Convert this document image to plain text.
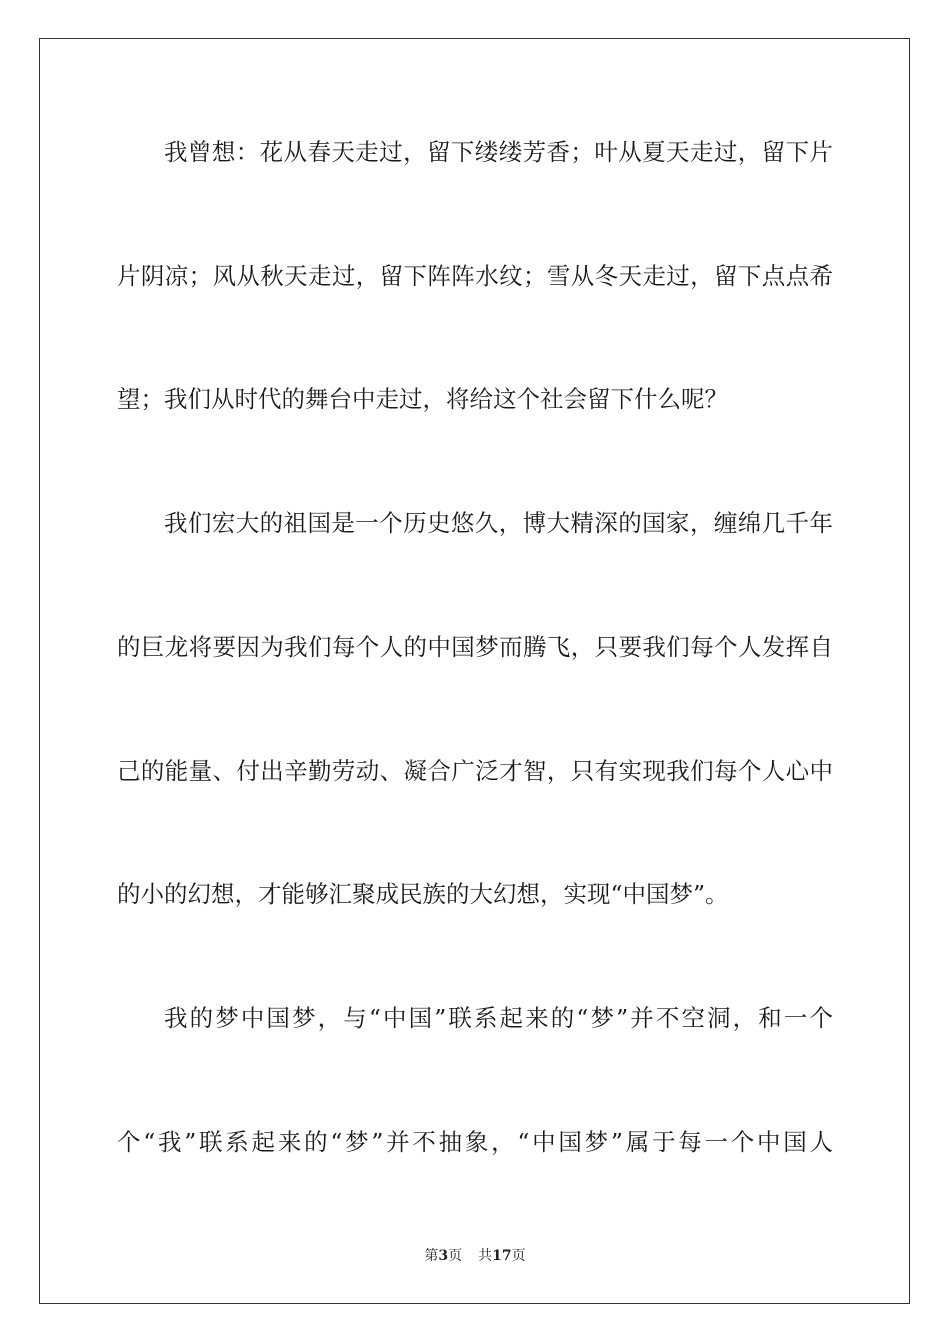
我曾想：花从春天走过，留下缕缕芳香；叶从夏天走过，留下片
片阴凉；风从秋天走过，留下阵阵水纹；雪从冬天走过，留下点点希
望；我们从时代的舞台中走过，将给这个社会留下什么呢？
我们宏大的祖国是一个历史悠久，博大精深的国家，缠绵几千年
的巨龙将要因为我们每个人的中国梦而腾飞，只要我们每个人发挥自
己的能量、付出辛勤劳动、凝合广泛才智，只有实现我们每个人心中
的小的幻想，才能够汇聚成民族的大幻想，实现“中国梦”。
我的梦中国梦，与“中国”联系起来的“梦”并不空洞，和一个
个“我”联系起来的“梦”并不抽象，“中国梦”属于每一个中国人
第3页 共17页
